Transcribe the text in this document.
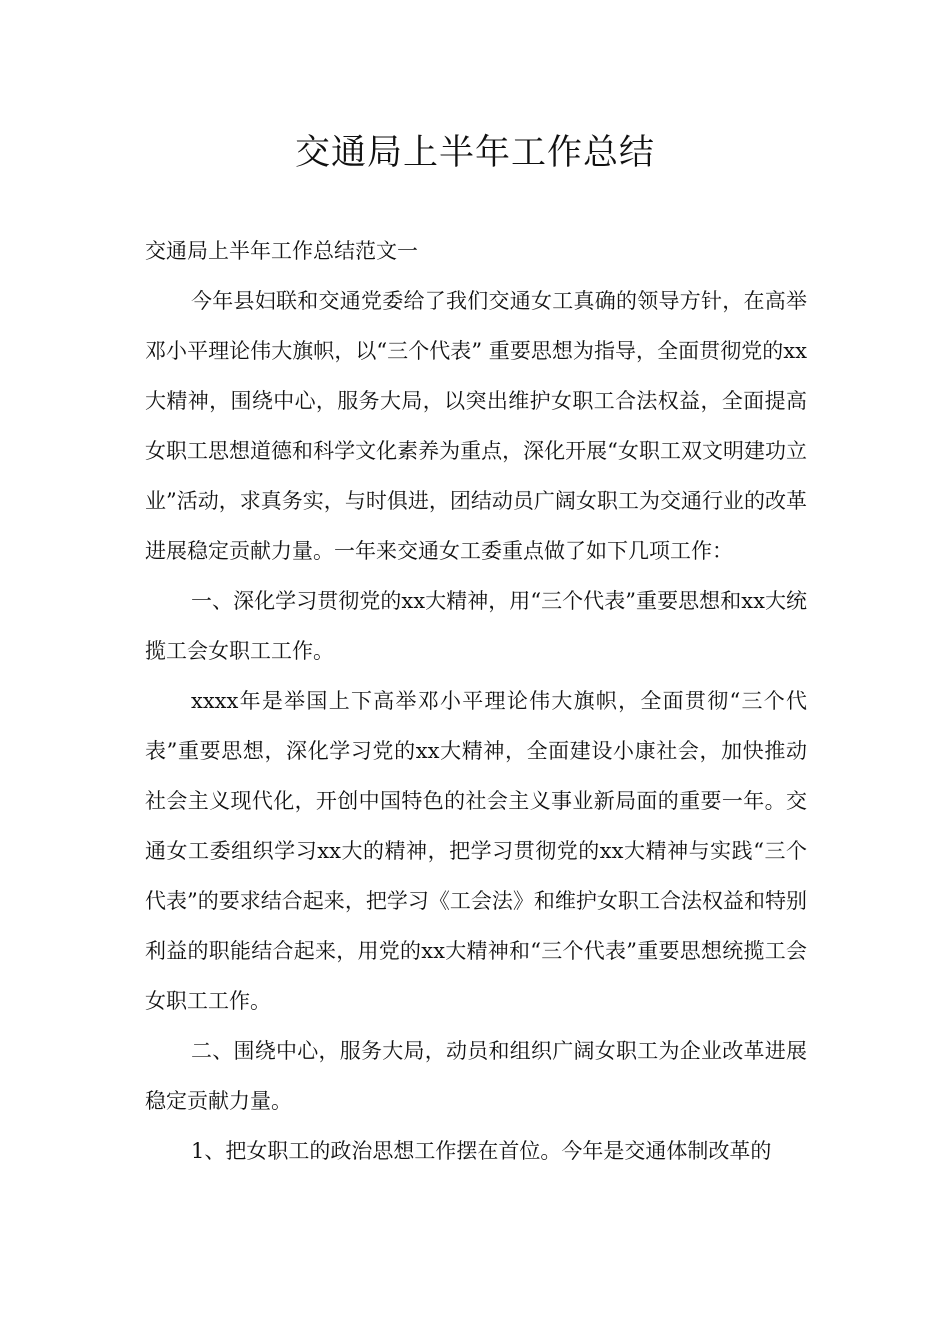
交通局上半年工作总结

交通局上半年工作总结范文一

今年县妇联和交通党委给了我们交通女工真确的领导方针，在高举邓小平理论伟大旗帜，以“三个代表” 重要思想为指导，全面贯彻党的xx大精神，围绕中心，服务大局，以突出维护女职工合法权益，全面提高女职工思想道德和科学文化素养为重点，深化开展“女职工双文明建功立业”活动，求真务实，与时俱进，团结动员广阔女职工为交通行业的改革进展稳定贡献力量。一年来交通女工委重点做了如下几项工作：

一、深化学习贯彻党的xx大精神，用“三个代表”重要思想和xx大统揽工会女职工工作。

xxxx年是举国上下高举邓小平理论伟大旗帜，全面贯彻“三个代表”重要思想，深化学习党的xx大精神，全面建设小康社会，加快推动社会主义现代化，开创中国特色的社会主义事业新局面的重要一年。交通女工委组织学习xx大的精神，把学习贯彻党的xx大精神与实践“三个代表”的要求结合起来，把学习《工会法》和维护女职工合法权益和特别利益的职能结合起来，用党的xx大精神和“三个代表”重要思想统揽工会女职工工作。

二、围绕中心，服务大局，动员和组织广阔女职工为企业改革进展稳定贡献力量。

1、把女职工的政治思想工作摆在首位。今年是交通体制改革的
